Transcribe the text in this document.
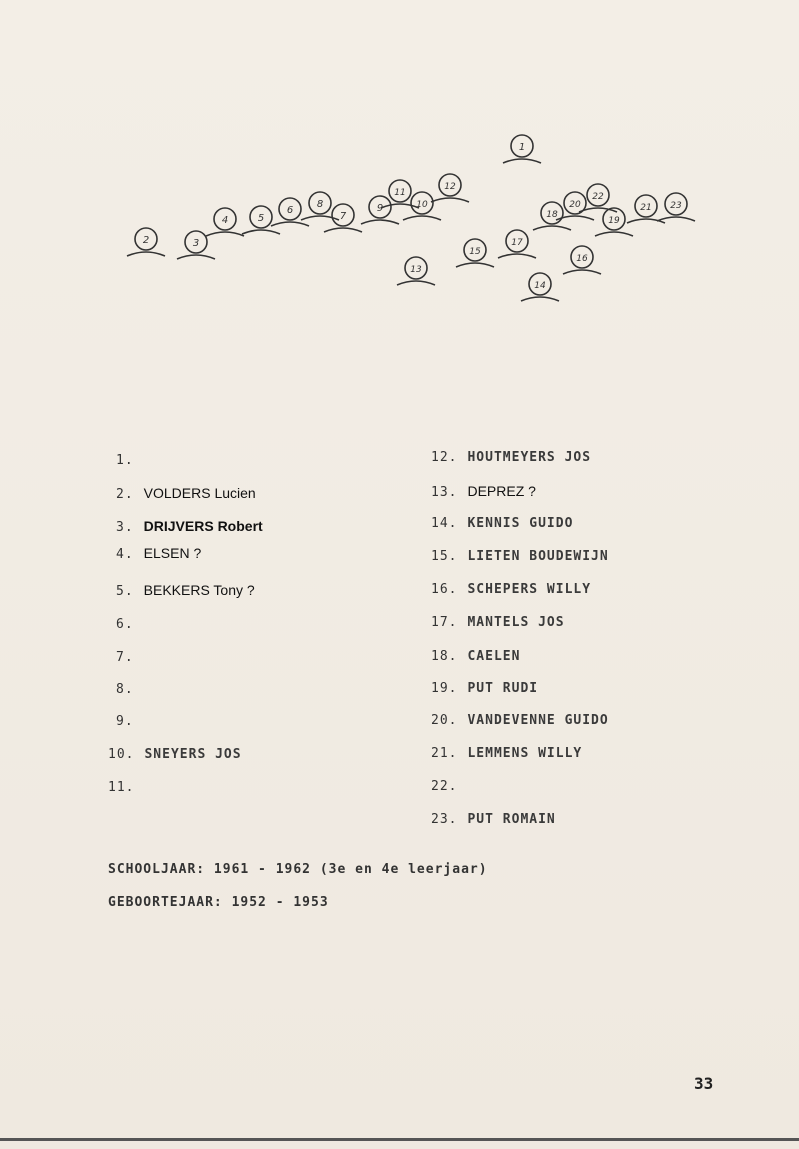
1
2	3
4	5
6
8
7
9
11
10
12
13
15
17
14
16
18
20
22
19
21 23
1.
2. VOLDERS Lucien
3. DRIJVERS Robert
4. ELSEN ?
5. BEKKERS Tony ?
6.
7.
8.
9.
10. SNEYERS JOS
11.
12. HOUTMEYERS JOS
13. DEPREZ ?
14. KENNIS GUIDO
15. LIETEN BOUDEWIJN
16. SCHEPERS WILLY
17. MANTELS JOS
18. CAELEN
19. PUT RUDI
20. VANDEVENNE GUIDO
21. LEMMENS WILLY
22.
23. PUT ROMAIN
SCHOOLJAAR: 1961 - 1962 (3e en 4e leerjaar)
GEBOORTEJAAR: 1952 - 1953
33
